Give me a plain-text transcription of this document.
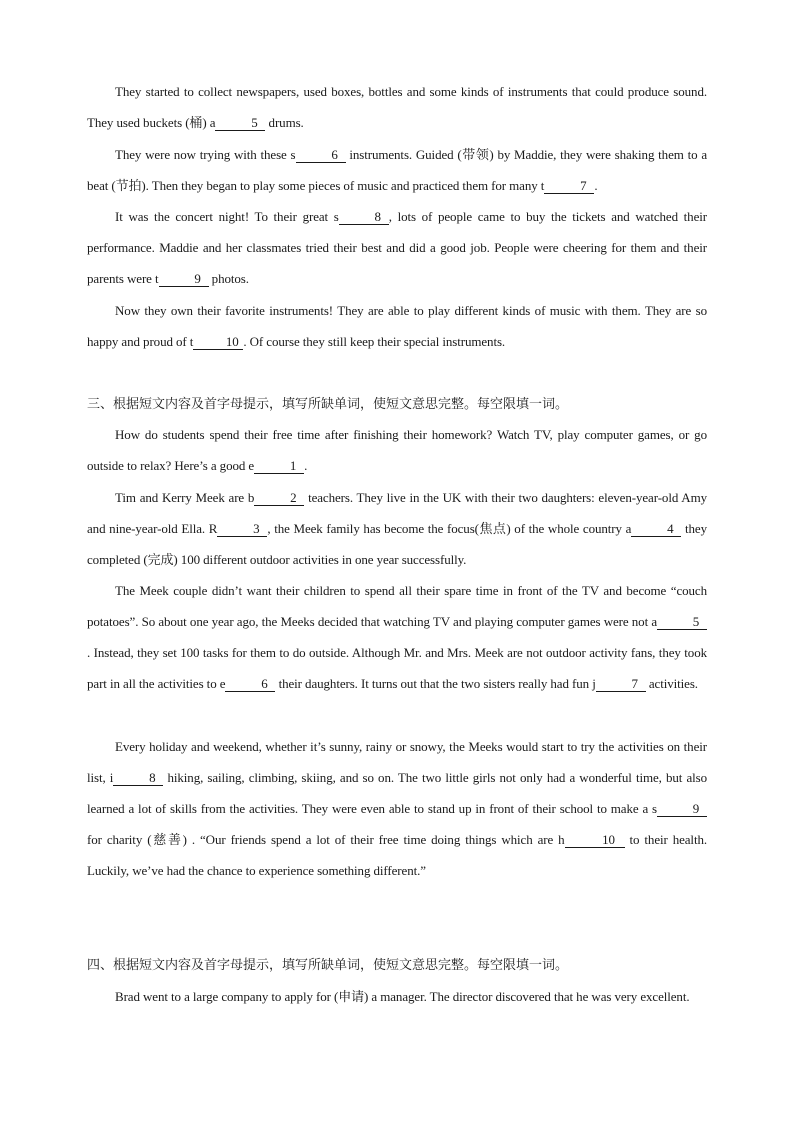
They started to collect newspapers, used boxes, bottles and some kinds of instruments that could produce sound. They used buckets (桶) a	5 drums.

They were now trying with these s	6 instruments. Guided (带领) by Maddie, they were shaking them to a beat (节拍). Then they began to play some pieces of music and practiced them for many t	7 .

It was the concert night! To their great s	8 , lots of people came to buy the tickets and watched their performance. Maddie and her classmates tried their best and did a good job. People were cheering for them and their parents were t	9 photos.

Now they own their favorite instruments! They are able to play different kinds of music with them. They are so happy and proud of t	10 . Of course they still keep their special instruments.

三、根据短文内容及首字母提示，填写所缺单词，使短文意思完整。每空限填一词。

How do students spend their free time after finishing their homework? Watch TV, play computer games, or go outside to relax? Here’s a good e	1 .

Tim and Kerry Meek are b	2 teachers. They live in the UK with their two daughters: eleven-year-old Amy and nine-year-old Ella. R	3 , the Meek family has become the focus(焦点) of the whole country a	4 they completed (完成) 100 different outdoor activities in one year successfully.

The Meek couple didn’t want their children to spend all their spare time in front of the TV and become “couch potatoes”. So about one year ago, the Meeks decided that watching TV and playing computer games were not a	5. Instead, they set 100 tasks for them to do outside. Although Mr. and Mrs. Meek are not outdoor activity fans, they took part in all the activities to e	6 their daughters. It turns out that the two sisters really had fun j	7 activities.

Every holiday and weekend, whether it’s sunny, rainy or snowy, the Meeks would start to try the activities on their list, i	8 hiking, sailing, climbing, skiing, and so on. The two little girls not only had a wonderful time, but also learned a lot of skills from the activities. They were even able to stand up in front of their school to make a s	9 for charity (慈善) . “Our friends spend a lot of their free time doing things which are h	10 to their health. Luckily, we’ve had the chance to experience something different.”

四、根据短文内容及首字母提示，填写所缺单词，使短文意思完整。每空限填一词。

Brad went to a large company to apply for (申请) a manager. The director discovered that he was very excellent.
